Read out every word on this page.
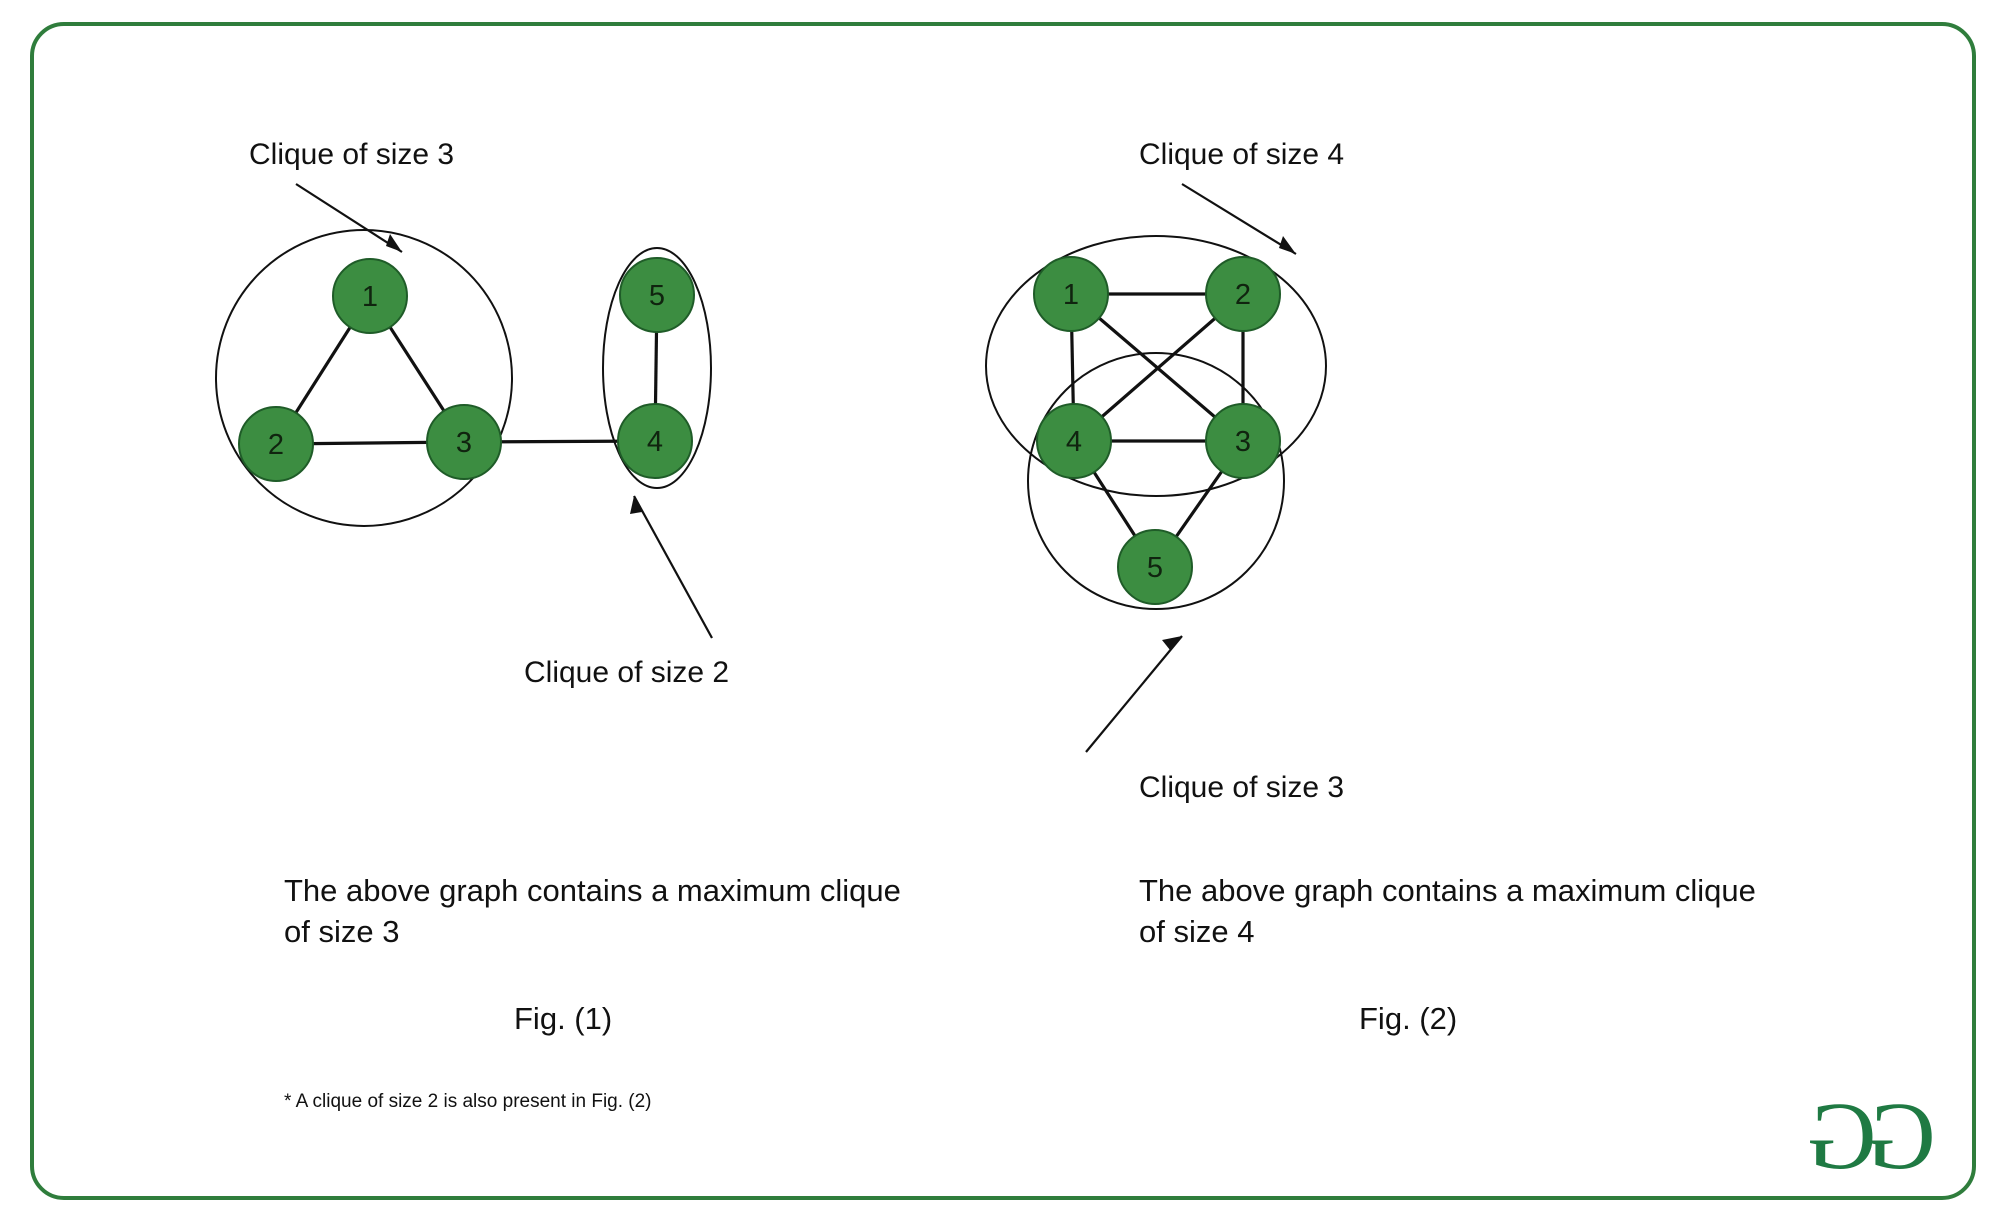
1
2	3	4
5	1	2
3
4
5
Clique of size 3
Clique of size 2
Clique of size 4
Clique of size 3
The above graph contains a maximum clique of size 3
The above graph contains a maximum clique of size 4
Fig. (1)	Fig. (2)
* A clique of size 2 is also present in Fig. (2)	GG
